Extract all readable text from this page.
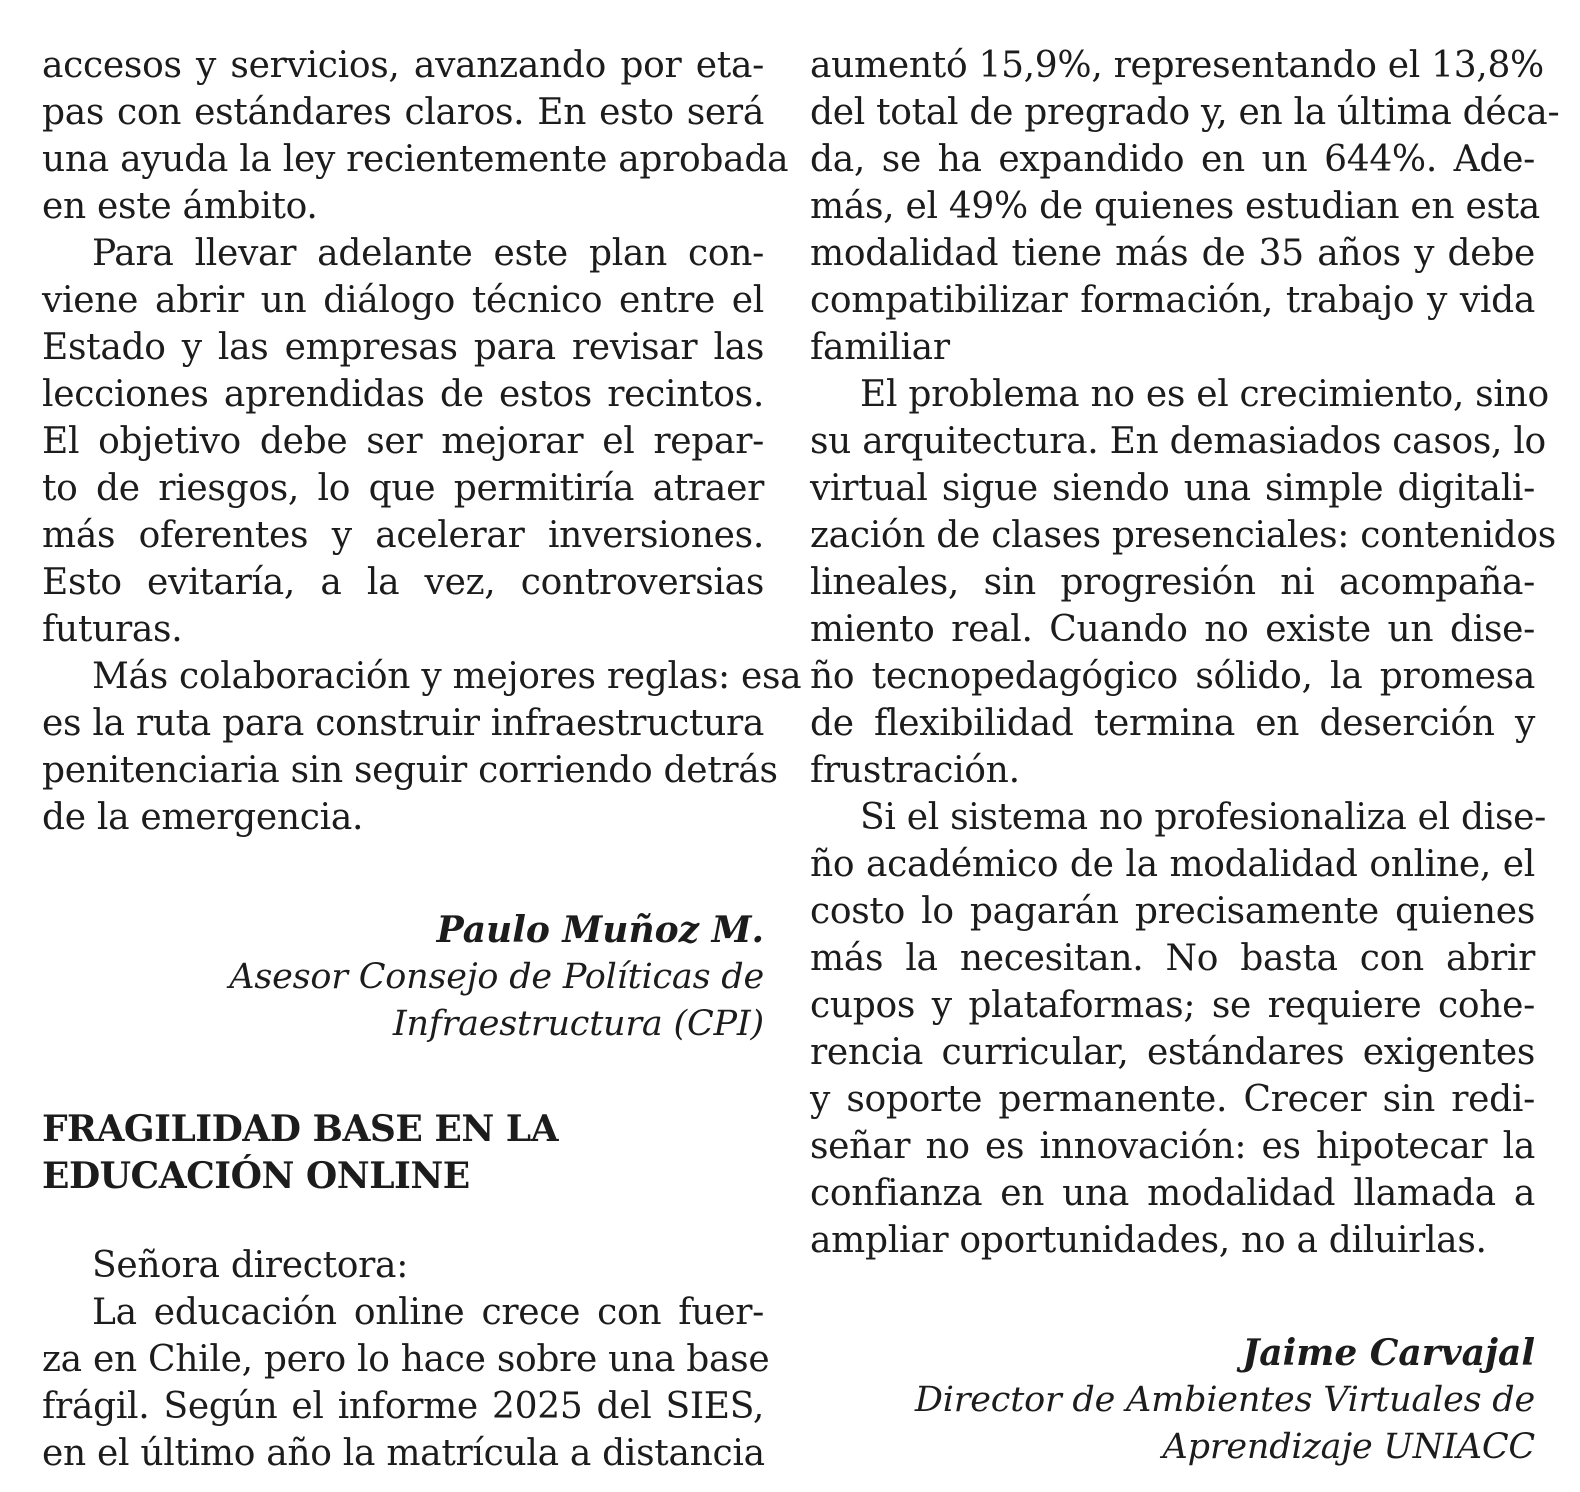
accesos y servicios, avanzando por eta-
pas con estándares claros. En esto será
una ayuda la ley recientemente aprobada
en este ámbito.
Para llevar adelante este plan con-
viene abrir un diálogo técnico entre el
Estado y las empresas para revisar las
lecciones aprendidas de estos recintos.
El objetivo debe ser mejorar el repar-
to de riesgos, lo que permitiría atraer
más oferentes y acelerar inversiones.
Esto evitaría, a la vez, controversias
futuras.
Más colaboración y mejores reglas: esa
es la ruta para construir infraestructura
penitenciaria sin seguir corriendo detrás
de la emergencia.
Paulo Muñoz M.
Asesor Consejo de Políticas de
Infraestructura (CPI)
FRAGILIDAD BASE EN LA
EDUCACIÓN ONLINE
Señora directora:
La educación online crece con fuer-
za en Chile, pero lo hace sobre una base
frágil. Según el informe 2025 del SIES,
en el último año la matrícula a distancia
aumentó 15,9%, representando el 13,8%
del total de pregrado y, en la última déca-
da, se ha expandido en un 644%. Ade-
más, el 49% de quienes estudian en esta
modalidad tiene más de 35 años y debe
compatibilizar formación, trabajo y vida
familiar
El problema no es el crecimiento, sino
su arquitectura. En demasiados casos, lo
virtual sigue siendo una simple digitali-
zación de clases presenciales: contenidos
lineales, sin progresión ni acompaña-
miento real. Cuando no existe un dise-
ño tecnopedagógico sólido, la promesa
de flexibilidad termina en deserción y
frustración.
Si el sistema no profesionaliza el dise-
ño académico de la modalidad online, el
costo lo pagarán precisamente quienes
más la necesitan. No basta con abrir
cupos y plataformas; se requiere cohe-
rencia curricular, estándares exigentes
y soporte permanente. Crecer sin redi-
señar no es innovación: es hipotecar la
confianza en una modalidad llamada a
ampliar oportunidades, no a diluirlas.
Jaime Carvajal
Director de Ambientes Virtuales de
Aprendizaje UNIACC
